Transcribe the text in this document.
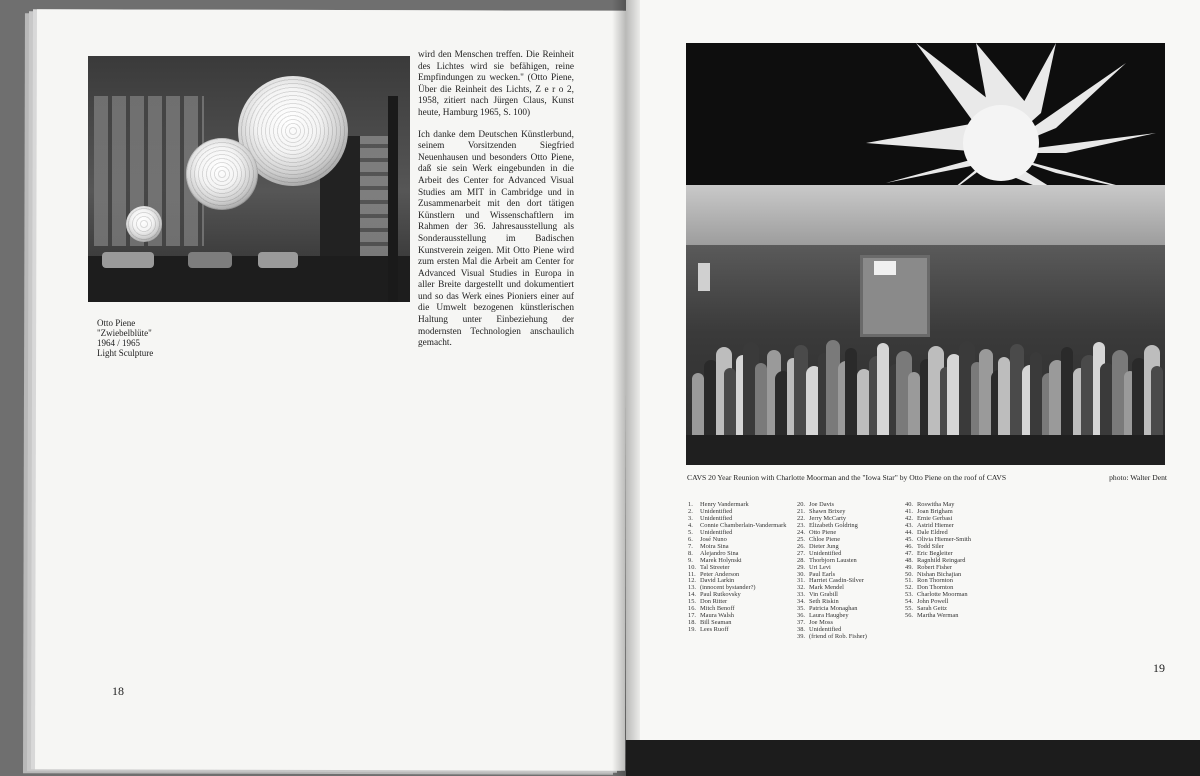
Otto Piene
"Zwiebelblüte"
1964 / 1965
Light Sculpture

wird den Menschen treffen. Die Reinheit des Lichtes wird sie befähigen, reine Empfindungen zu wecken." (Otto Piene, Über die Reinheit des Lichts, Z e r o 2, 1958, zitiert nach Jürgen Claus, Kunst heute, Hamburg 1965, S. 100)

Ich danke dem Deutschen Künstlerbund, seinem Vorsitzenden Siegfried Neuenhausen und besonders Otto Piene, daß sie sein Werk eingebunden in die Arbeit des Center for Advanced Visual Studies am MIT in Cambridge und in Zusammenarbeit mit den dort tätigen Künstlern und Wissenschaftlern im Rahmen der 36. Jahresausstellung als Sonderausstellung im Badischen Kunstverein zeigen. Mit Otto Piene wird zum ersten Mal die Arbeit am Center for Advanced Visual Studies in Europa in aller Breite dargestellt und dokumentiert und so das Werk eines Pioniers einer auf die Umwelt bezogenen künstlerischen Haltung unter Einbeziehung der modernsten Technologien anschaulich gemacht.

18
CAVS 20 Year Reunion with Charlotte Moorman and the "Iowa Star" by Otto Piene on the roof of CAVS	photo: Walter Dent
1. Henry Vandermark
2. Unidentified
3. Unidentified
4. Connie Chamberlain-Vandermark
5. Unidentified
6. José Nuno
7. Moira Sina
8. Alejandro Sina
9. Marek Holynski
10. Tal Streeter
11. Peter Anderson
12. David Larkin
13. (innocent bystander?)
14. Paul Rutkovsky
15. Don Ritter
16. Mitch Benoff
17. Maura Walsh
18. Bill Seaman
19. Lees Ruoff
20. Joe Davis
21. Shawn Brixey
22. Jerry McCarty
23. Elizabeth Goldring
24. Otto Piene
25. Chloe Piene
26. Dieter Jung
27. Unidentified
28. Thorbjorn Lausten
29. Uri Levi
30. Paul Earls
31. Harriet Casdin-Silver
32. Mark Mendel
33. Vin Grabill
34. Seth Riskin
35. Patricia Monaghan
36. Laura Haugbey
37. Joe Moss
38. Unidentified
39. (friend of Rob. Fisher)
40. Roswitha May
41. Joan Brigham
42. Ernie Gerbasi
43. Astrid Hiemer
44. Dale Eldred
45. Olivia Hiemer-Smith
46. Todd Siler
47. Eric Begleiter
48. Ragnhild Reingard
49. Robert Fisher
50. Nishan Bichajian
51. Ron Thornton
52. Don Thornton
53. Charlotte Moorman
54. John Powell
55. Sarah Geitz
56. Martha Werman
19
